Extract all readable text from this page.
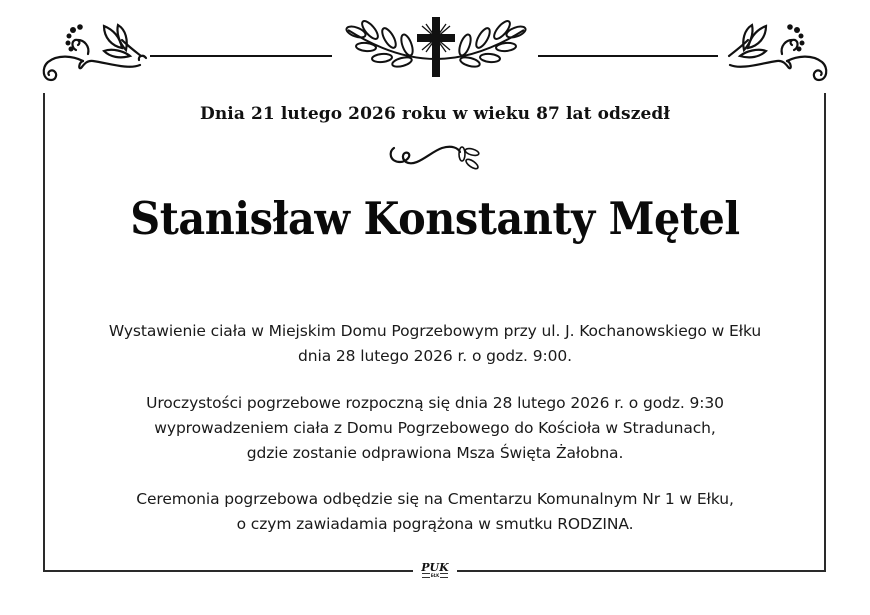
Dnia 21 lutego 2026 roku w wieku 87 lat odszedł
Stanisław Konstanty Mętel
Wystawienie ciała w Miejskim Domu Pogrzebowym przy ul. J. Kochanowskiego w Ełku
dnia 28 lutego 2026 r. o godz. 9:00.
Uroczystości pogrzebowe rozpoczną się dnia 28 lutego 2026 r. o godz. 9:30
wyprowadzeniem ciała z Domu Pogrzebowego do Kościoła w Stradunach,
gdzie zostanie odprawiona Msza Święta Żałobna.
Ceremonia pogrzebowa odbędzie się na Cmentarzu Komunalnym Nr 1 w Ełku,
o czym zawiadamia pogrążona w smutku RODZINA.
PUK
EŁK
